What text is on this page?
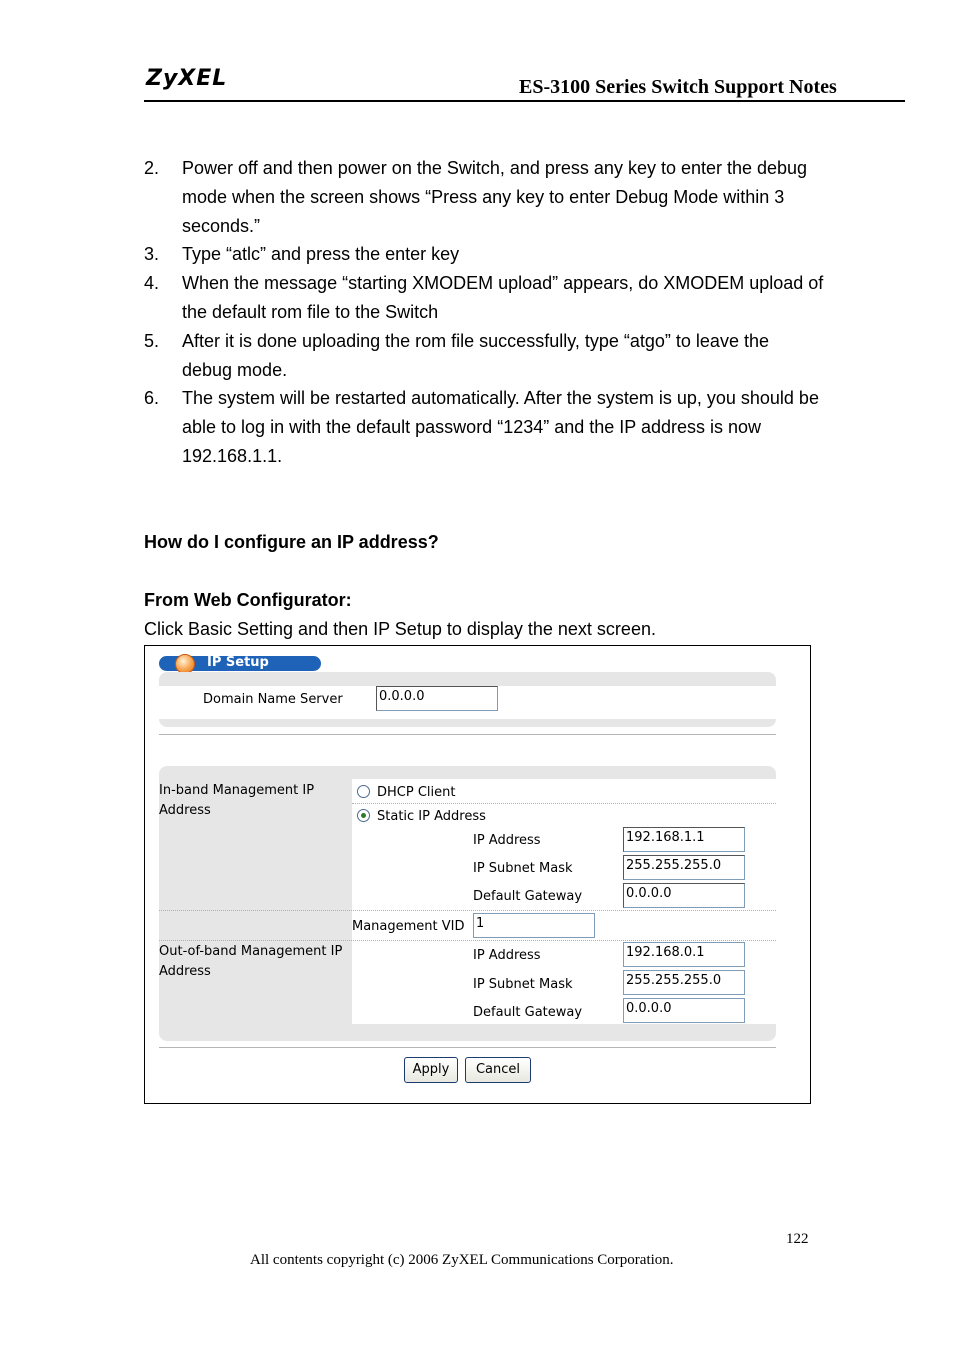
ZyXEL	ES-3100 Series Switch Support Notes
2. Power off and then power on the Switch, and press any key to enter the debug mode when the screen shows “Press any key to enter Debug Mode within 3 seconds.”
3. Type “atlc” and press the enter key
4. When the message “starting XMODEM upload” appears, do XMODEM upload of the default rom file to the Switch
5. After it is done uploading the rom file successfully, type “atgo” to leave the debug mode.
6. The system will be restarted automatically. After the system is up, you should be able to log in with the default password “1234” and the IP address is now 192.168.1.1.
How do I configure an IP address?
From Web Configurator:
Click Basic Setting and then IP Setup to display the next screen.
IP Setup
Domain Name Server	0.0.0.0
In-band Management IP
Address
DHCP Client
Static IP Address
IP Address	192.168.1.1
IP Subnet Mask	255.255.255.0
Default Gateway	0.0.0.0
Management VID 1
Out-of-band Management IP
Address
IP Address	192.168.0.1
IP Subnet Mask	255.255.255.0
Default Gateway	0.0.0.0
Apply	Cancel
122
All contents copyright (c) 2006 ZyXEL Communications Corporation.
